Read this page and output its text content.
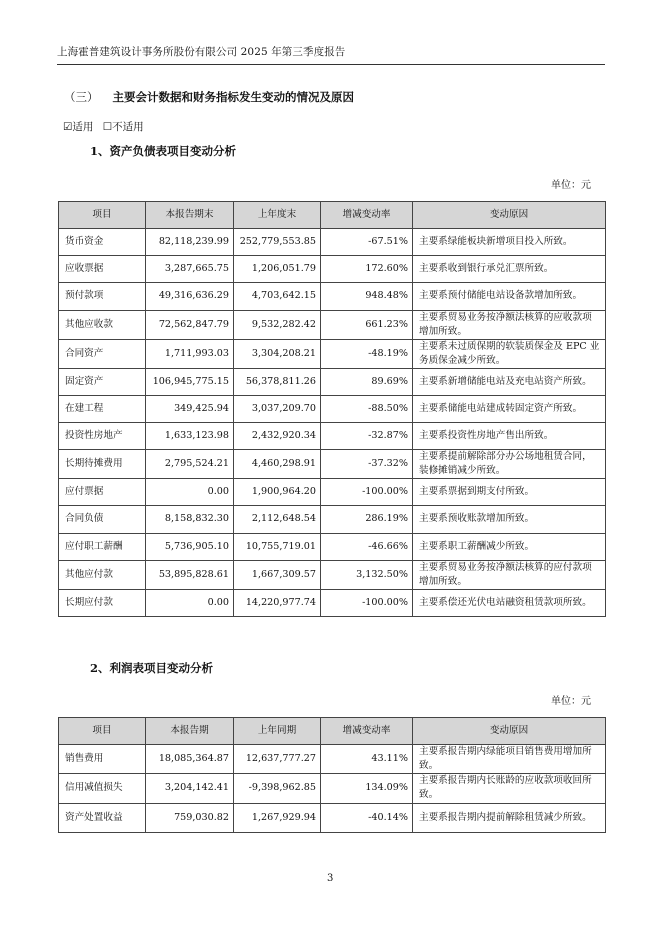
上海霍普建筑设计事务所股份有限公司 2025 年第三季度报告
（三） 主要会计数据和财务指标发生变动的情况及原因
☑适用 ☐不适用
1、资产负债表项目变动分析
单位：元
项目	本报告期末	上年度末	增减变动率	变动原因
货币资金	82,118,239.99	252,779,553.85	-67.51%	主要系绿能板块新增项目投入所致。
应收票据	3,287,665.75	1,206,051.79	172.60%	主要系收到银行承兑汇票所致。
预付款项	49,316,636.29	4,703,642.15	948.48%	主要系预付储能电站设备款增加所致。
其他应收款	72,562,847.79	9,532,282.42	661.23%	主要系贸易业务按净额法核算的应收款项增加所致。
合同资产	1,711,993.03	3,304,208.21	-48.19%	主要系未过质保期的软装质保金及 EPC 业务质保金减少所致。
固定资产	106,945,775.15	56,378,811.26	89.69%	主要系新增储能电站及充电站资产所致。
在建工程	349,425.94	3,037,209.70	-88.50%	主要系储能电站建成转固定资产所致。
投资性房地产	1,633,123.98	2,432,920.34	-32.87%	主要系投资性房地产售出所致。
长期待摊费用	2,795,524.21	4,460,298.91	-37.32%	主要系提前解除部分办公场地租赁合同，装修摊销减少所致。
应付票据	0.00	1,900,964.20	-100.00%	主要系票据到期支付所致。
合同负债	8,158,832.30	2,112,648.54	286.19%	主要系预收账款增加所致。
应付职工薪酬	5,736,905.10	10,755,719.01	-46.66%	主要系职工薪酬减少所致。
其他应付款	53,895,828.61	1,667,309.57	3,132.50%	主要系贸易业务按净额法核算的应付款项增加所致。
长期应付款	0.00	14,220,977.74	-100.00%	主要系偿还光伏电站融资租赁款项所致。
2、利润表项目变动分析
单位：元
项目	本报告期	上年同期	增减变动率	变动原因
销售费用	18,085,364.87	12,637,777.27	43.11%	主要系报告期内绿能项目销售费用增加所致。
信用减值损失	3,204,142.41	-9,398,962.85	134.09%	主要系报告期内长账龄的应收款项收回所致。
资产处置收益	759,030.82	1,267,929.94	-40.14%	主要系报告期内提前解除租赁减少所致。
3
